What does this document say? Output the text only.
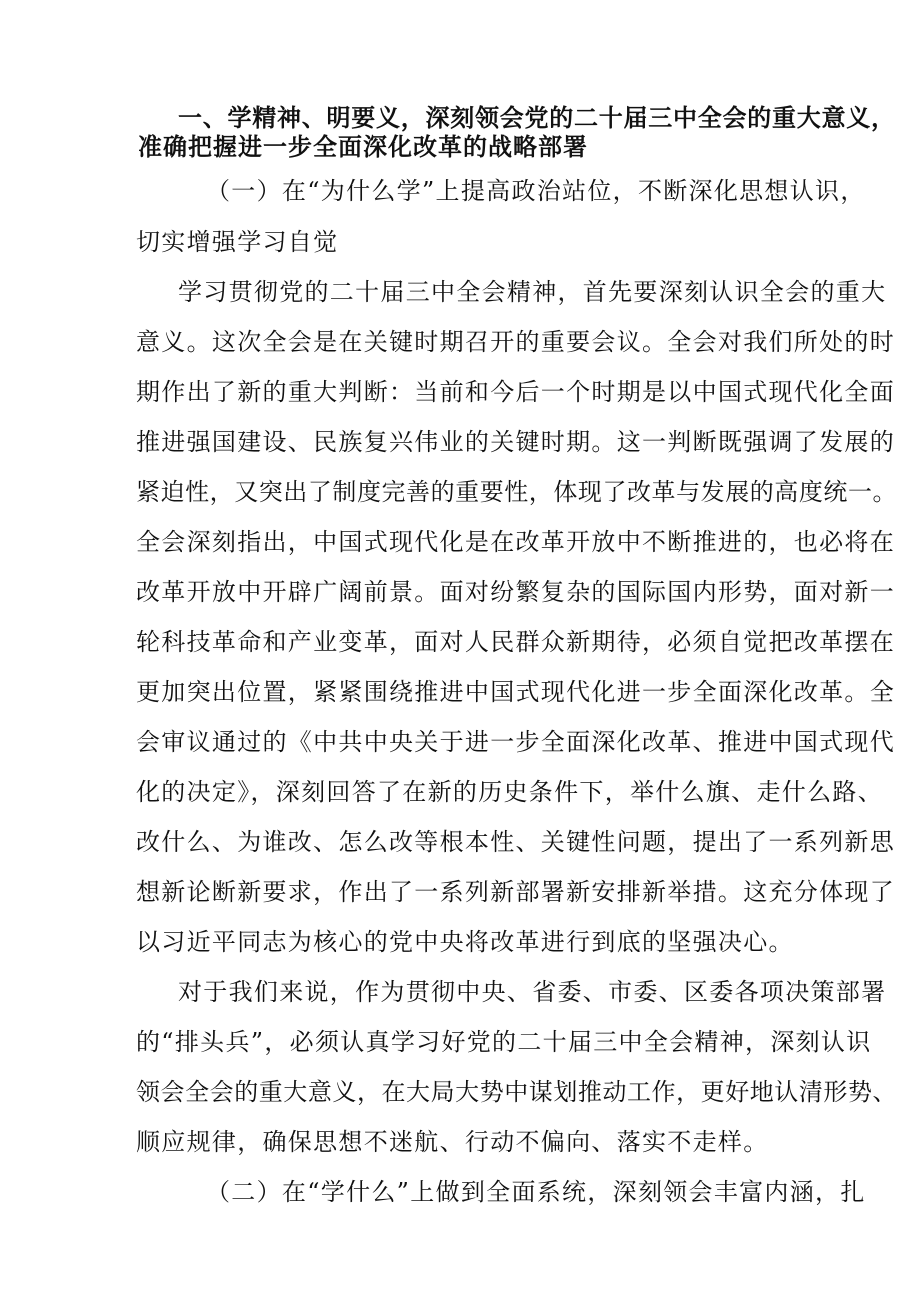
一、学精神、明要义，深刻领会党的二十届三中全会的重大意义，
准确把握进一步全面深化改革的战略部署
（一）在“为什么学”上提高政治站位，不断深化思想认识，
切实增强学习自觉
学习贯彻党的二十届三中全会精神，首先要深刻认识全会的重大
意义。这次全会是在关键时期召开的重要会议。全会对我们所处的时
期作出了新的重大判断：当前和今后一个时期是以中国式现代化全面
推进强国建设、民族复兴伟业的关键时期。这一判断既强调了发展的
紧迫性，又突出了制度完善的重要性，体现了改革与发展的高度统一。
全会深刻指出，中国式现代化是在改革开放中不断推进的，也必将在
改革开放中开辟广阔前景。面对纷繁复杂的国际国内形势，面对新一
轮科技革命和产业变革，面对人民群众新期待，必须自觉把改革摆在
更加突出位置，紧紧围绕推进中国式现代化进一步全面深化改革。全
会审议通过的《中共中央关于进一步全面深化改革、推进中国式现代
化的决定》，深刻回答了在新的历史条件下，举什么旗、走什么路、
改什么、为谁改、怎么改等根本性、关键性问题，提出了一系列新思
想新论断新要求，作出了一系列新部署新安排新举措。这充分体现了
以习近平同志为核心的党中央将改革进行到底的坚强决心。
对于我们来说，作为贯彻中央、省委、市委、区委各项决策部署
的“排头兵”，必须认真学习好党的二十届三中全会精神，深刻认识
领会全会的重大意义，在大局大势中谋划推动工作，更好地认清形势、
顺应规律，确保思想不迷航、行动不偏向、落实不走样。
（二）在“学什么”上做到全面系统，深刻领会丰富内涵，扎
